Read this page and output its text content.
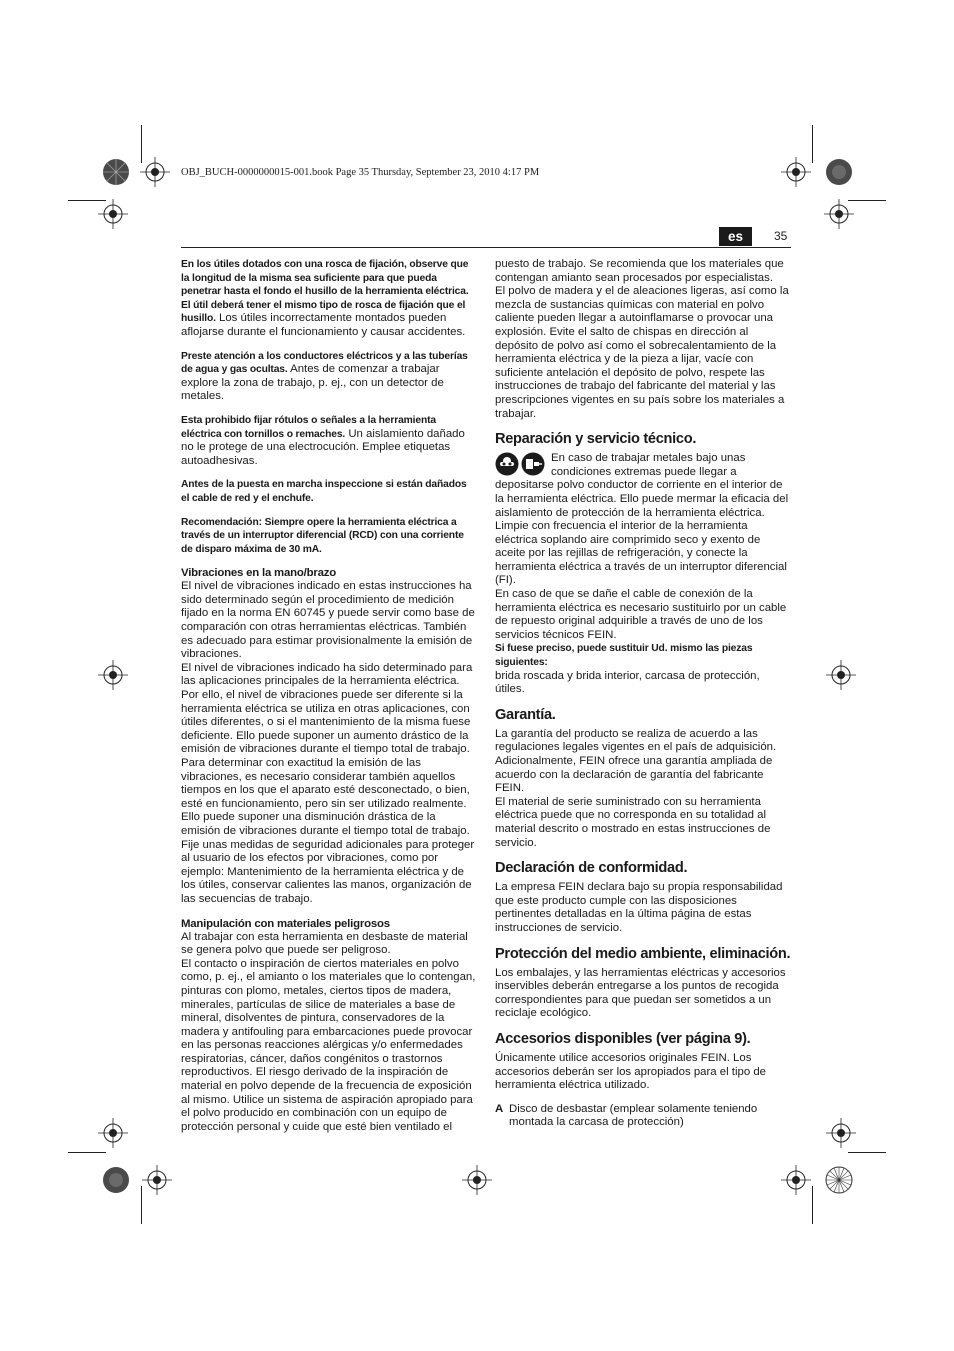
OBJ_BUCH-0000000015-001.book Page 35 Thursday, September 23, 2010 4:17 PM
es	35

En los útiles dotados con una rosca de fijación, observe que la longitud de la misma sea suficiente para que pueda penetrar hasta el fondo el husillo de la herramienta eléctrica. El útil deberá tener el mismo tipo de rosca de fijación que el husillo. Los útiles incorrectamente montados pueden aflojarse durante el funcionamiento y causar accidentes.

Preste atención a los conductores eléctricos y a las tuberías de agua y gas ocultas. Antes de comenzar a trabajar explore la zona de trabajo, p. ej., con un detector de metales.

Esta prohibido fijar rótulos o señales a la herramienta eléctrica con tornillos o remaches. Un aislamiento dañado no le protege de una electrocución. Emplee etiquetas autoadhesivas.

Antes de la puesta en marcha inspeccione si están dañados el cable de red y el enchufe.

Recomendación: Siempre opere la herramienta eléctrica a través de un interruptor diferencial (RCD) con una corriente de disparo máxima de 30 mA.

Vibraciones en la mano/brazo

El nivel de vibraciones indicado en estas instrucciones ha sido determinado según el procedimiento de medición fijado en la norma EN 60745 y puede servir como base de comparación con otras herramientas eléctricas. También es adecuado para estimar provisionalmente la emisión de vibraciones.

El nivel de vibraciones indicado ha sido determinado para las aplicaciones principales de la herramienta eléctrica. Por ello, el nivel de vibraciones puede ser diferente si la herramienta eléctrica se utiliza en otras aplicaciones, con útiles diferentes, o si el mantenimiento de la misma fuese deficiente. Ello puede suponer un aumento drástico de la emisión de vibraciones durante el tiempo total de trabajo.

Para determinar con exactitud la emisión de las vibraciones, es necesario considerar también aquellos tiempos en los que el aparato esté desconectado, o bien, esté en funcionamiento, pero sin ser utilizado realmente. Ello puede suponer una disminución drástica de la emisión de vibraciones durante el tiempo total de trabajo.

Fije unas medidas de seguridad adicionales para proteger al usuario de los efectos por vibraciones, como por ejemplo: Mantenimiento de la herramienta eléctrica y de los útiles, conservar calientes las manos, organización de las secuencias de trabajo.

Manipulación con materiales peligrosos

Al trabajar con esta herramienta en desbaste de material se genera polvo que puede ser peligroso.

El contacto o inspiración de ciertos materiales en polvo como, p. ej., el amianto o los materiales que lo contengan, pinturas con plomo, metales, ciertos tipos de madera, minerales, partículas de silice de materiales a base de mineral, disolventes de pintura, conservadores de la madera y antifouling para embarcaciones puede provocar en las personas reacciones alérgicas y/o enfermedades respiratorias, cáncer, daños congénitos o trastornos reproductivos. El riesgo derivado de la inspiración de material en polvo depende de la frecuencia de exposición al mismo. Utilice un sistema de aspiración apropiado para el polvo producido en combinación con un equipo de protección personal y cuide que esté bien ventilado el

puesto de trabajo. Se recomienda que los materiales que contengan amianto sean procesados por especialistas.

El polvo de madera y el de aleaciones ligeras, así como la mezcla de sustancias químicas con material en polvo caliente pueden llegar a autoinflamarse o provocar una explosión. Evite el salto de chispas en dirección al depósito de polvo así como el sobrecalentamiento de la herramienta eléctrica y de la pieza a lijar, vacíe con suficiente antelación el depósito de polvo, respete las instrucciones de trabajo del fabricante del material y las prescripciones vigentes en su país sobre los materiales a trabajar.

Reparación y servicio técnico.

En caso de trabajar metales bajo unas condiciones extremas puede llegar a depositarse polvo conductor de corriente en el interior de la herramienta eléctrica. Ello puede mermar la eficacia del aislamiento de protección de la herramienta eléctrica. Limpie con frecuencia el interior de la herramienta eléctrica soplando aire comprimido seco y exento de aceite por las rejillas de refrigeración, y conecte la herramienta eléctrica a través de un interruptor diferencial (FI).

En caso de que se dañe el cable de conexión de la herramienta eléctrica es necesario sustituirlo por un cable de repuesto original adquirible a través de uno de los servicios técnicos FEIN.

Si fuese preciso, puede sustituir Ud. mismo las piezas siguientes:

brida roscada y brida interior, carcasa de protección, útiles.

Garantía.

La garantía del producto se realiza de acuerdo a las regulaciones legales vigentes en el país de adquisición. Adicionalmente, FEIN ofrece una garantía ampliada de acuerdo con la declaración de garantía del fabricante FEIN.

El material de serie suministrado con su herramienta eléctrica puede que no corresponda en su totalidad al material descrito o mostrado en estas instrucciones de servicio.

Declaración de conformidad.

La empresa FEIN declara bajo su propia responsabilidad que este producto cumple con las disposiciones pertinentes detalladas en la última página de estas instrucciones de servicio.

Protección del medio ambiente, eliminación.

Los embalajes, y las herramientas eléctricas y accesorios inservibles deberán entregarse a los puntos de recogida correspondientes para que puedan ser sometidos a un reciclaje ecológico.

Accesorios disponibles (ver página 9).

Únicamente utilice accesorios originales FEIN. Los accesorios deberán ser los apropiados para el tipo de herramienta eléctrica utilizado.

A Disco de desbastar (emplear solamente teniendo montada la carcasa de protección)
